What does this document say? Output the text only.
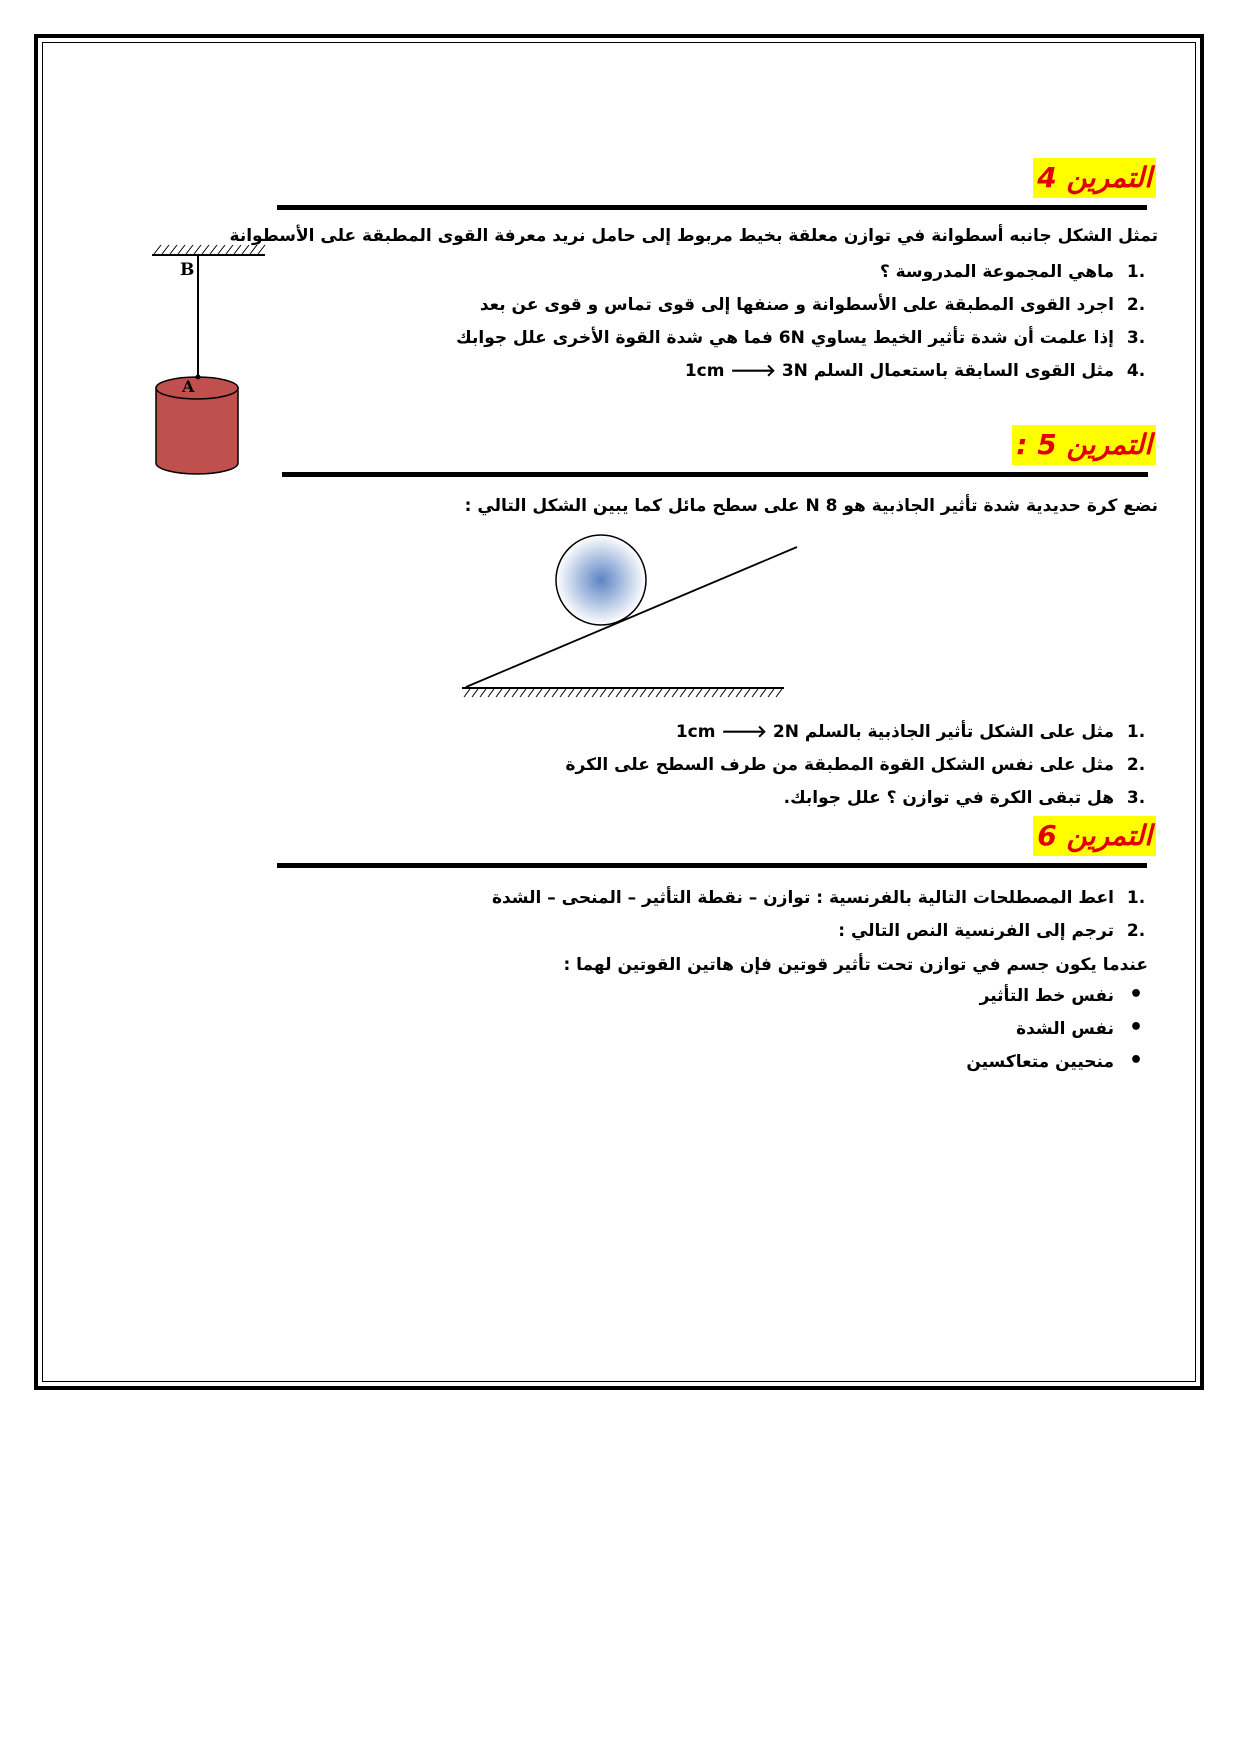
التمرين 4
تمثل الشكل جانبه أسطوانة في توازن معلقة بخيط مربوط إلى حامل نريد معرفة القوى المطبقة على الأسطوانة
.1
ماهي المجموعة المدروسة ؟
.2
اجرد القوى المطبقة على الأسطوانة و صنفها إلى قوى تماس و قوى عن بعد
.3
إذا علمت أن شدة تأثير الخيط يساوي 6N فما هي شدة القوة الأخرى علل جوابك
.4
مثل القوى السابقة باستعمال السلم 1cm 🡒 3N
B
A
التمرين 5 :
نضع كرة حديدية شدة تأثير الجاذبية هو 8 N على سطح مائل كما يبين الشكل التالي :
.1
مثل على الشكل تأثير الجاذبية بالسلم 1cm 🡒 2N
.2
مثل على نفس الشكل القوة المطبقة من طرف السطح على الكرة
.3
هل تبقى الكرة في توازن ؟ علل جوابك.
التمرين 6
.1
اعط المصطلحات التالية بالفرنسية : توازن – نقطة التأثير – المنحى – الشدة
.2
ترجم إلى الفرنسية النص التالي :
عندما يكون جسم في توازن تحت تأثير قوتين فإن هاتين القوتين لهما :
•
نفس خط التأثير
•
نفس الشدة
•
منحيين متعاكسين
